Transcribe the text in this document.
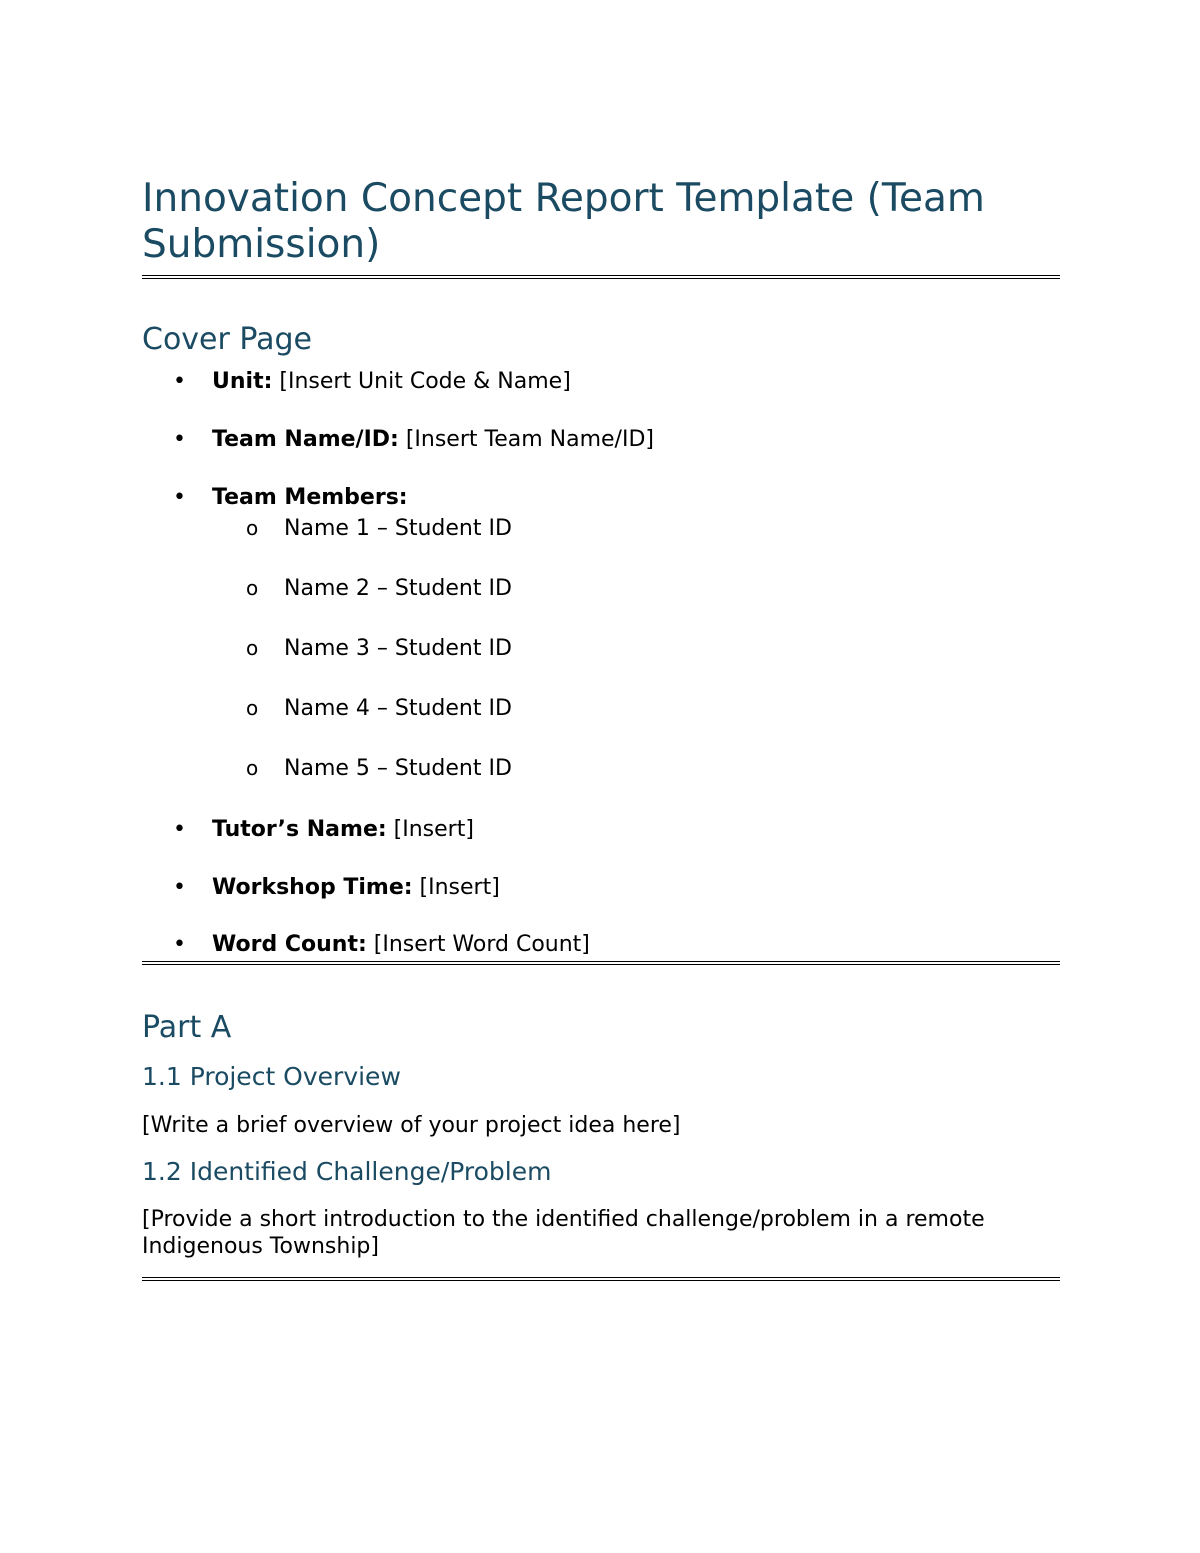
Innovation Concept Report Template (Team Submission)
Cover Page
• Unit: [Insert Unit Code & Name]
• Team Name/ID: [Insert Team Name/ID]
• Team Members:
o Name 1 – Student ID
o Name 2 – Student ID
o Name 3 – Student ID
o Name 4 – Student ID
o Name 5 – Student ID
• Tutor’s Name: [Insert]
• Workshop Time: [Insert]
• Word Count: [Insert Word Count]
Part A
1.1 Project Overview

[Write a brief overview of your project idea here]

1.2 Identified Challenge/Problem

[Provide a short introduction to the identified challenge/problem in a remote Indigenous Township]
